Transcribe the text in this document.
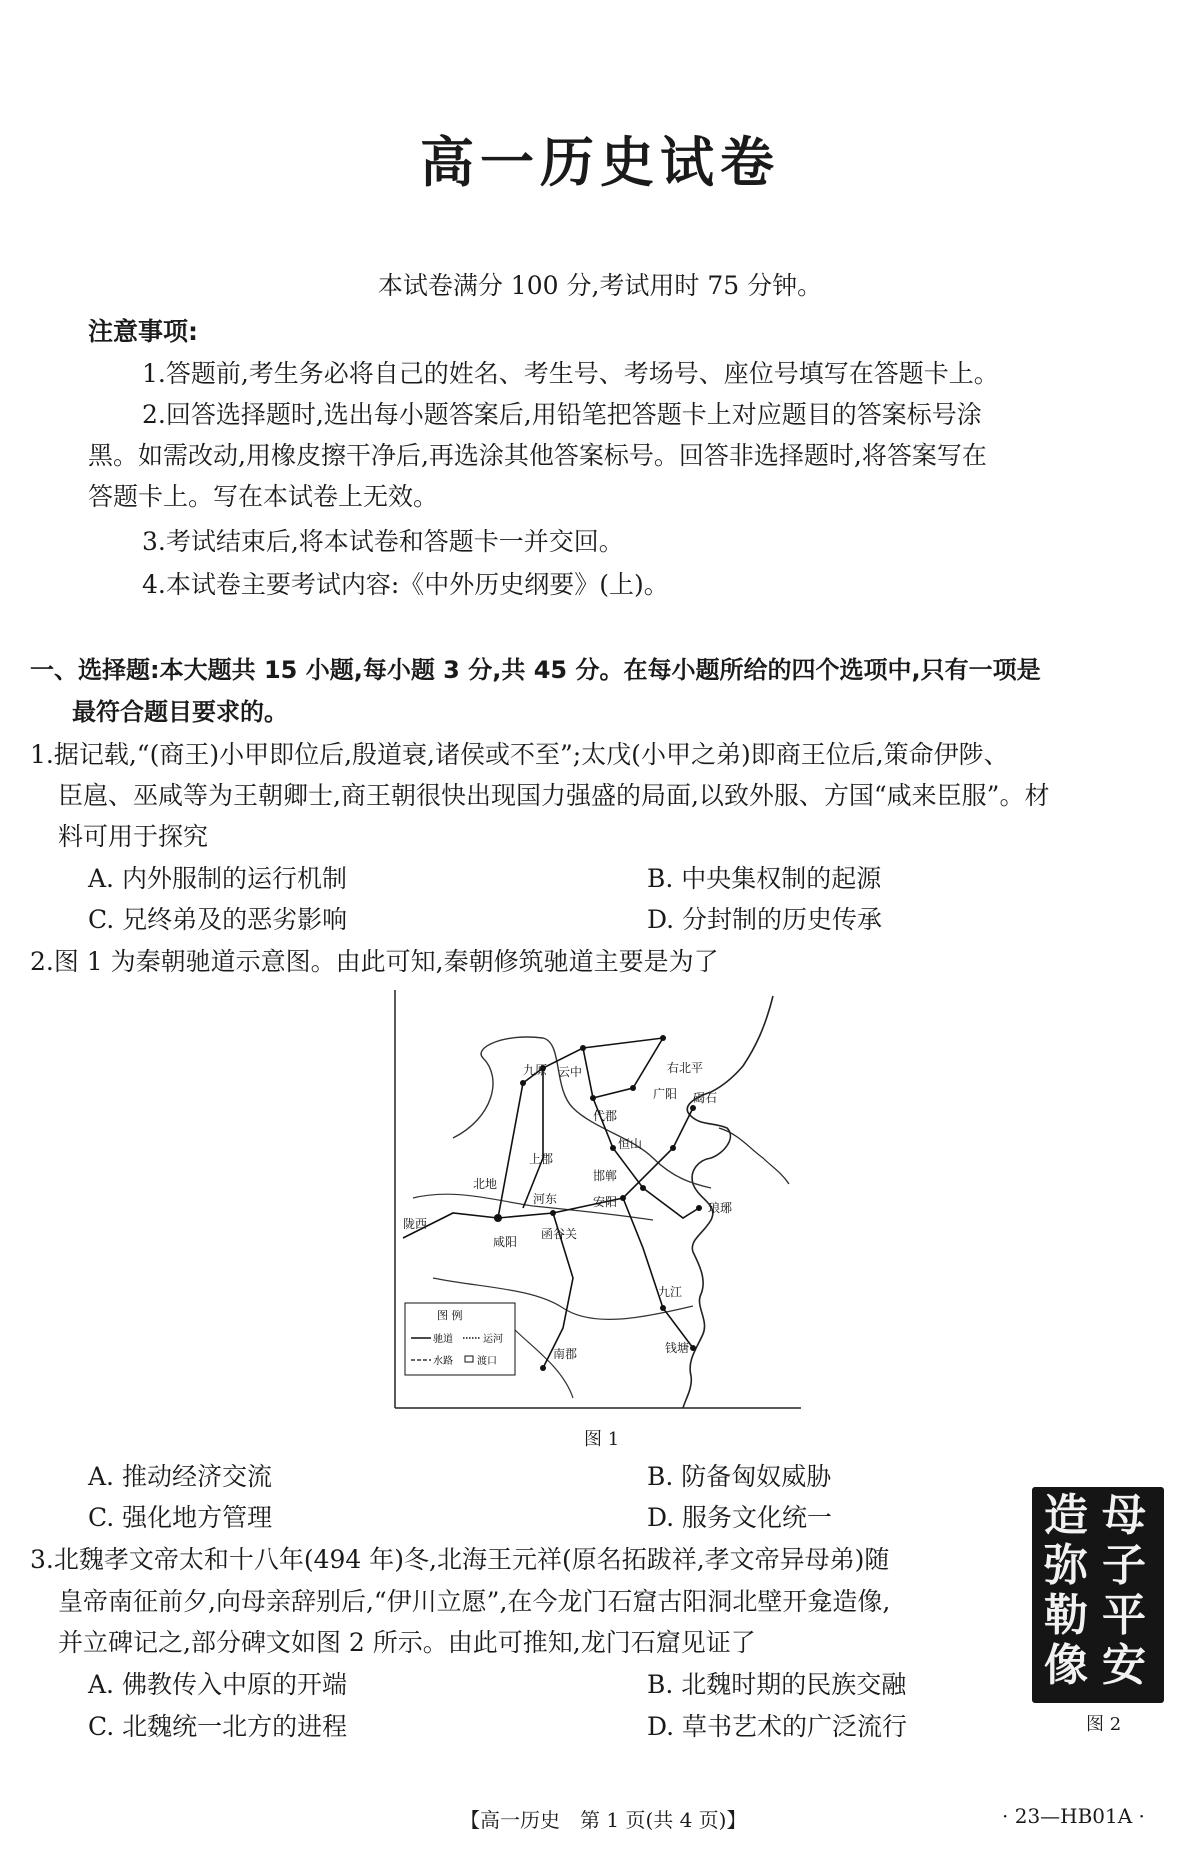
高一历史试卷
本试卷满分 100 分,考试用时 75 分钟。
注意事项:
1.答题前,考生务必将自己的姓名、考生号、考场号、座位号填写在答题卡上。
2.回答选择题时,选出每小题答案后,用铅笔把答题卡上对应题目的答案标号涂
黑。如需改动,用橡皮擦干净后,再选涂其他答案标号。回答非选择题时,将答案写在
答题卡上。写在本试卷上无效。
3.考试结束后,将本试卷和答题卡一并交回。
4.本试卷主要考试内容:《中外历史纲要》(上)。
一、选择题:本大题共 15 小题,每小题 3 分,共 45 分。在每小题所给的四个选项中,只有一项是
最符合题目要求的。
1.据记载,“(商王)小甲即位后,殷道衰,诸侯或不至”;太戊(小甲之弟)即商王位后,策命伊陟、
臣扈、巫咸等为王朝卿士,商王朝很快出现国力强盛的局面,以致外服、方国“咸来臣服”。材
料可用于探究
A. 内外服制的运行机制	B. 中央集权制的起源
C. 兄终弟及的恶劣影响	D. 分封制的历史传承
2.图 1 为秦朝驰道示意图。由此可知,秦朝修筑驰道主要是为了
九原 云中	右北平
代郡
广阳 碣石
上郡
恒山
北地
邯郸
河东	安阳
陇西
琅琊
咸阳
函谷关
九江
南郡	钱塘
图 例
驰道	运河
水路 渡口
图 1
A. 推动经济交流	B. 防备匈奴威胁
C. 强化地方管理	D. 服务文化统一
3.北魏孝文帝太和十八年(494 年)冬,北海王元祥(原名拓跋祥,孝文帝异母弟)随
皇帝南征前夕,向母亲辞别后,“伊川立愿”,在今龙门石窟古阳洞北壁开龛造像,
并立碑记之,部分碑文如图 2 所示。由此可推知,龙门石窟见证了
A. 佛教传入中原的开端	B. 北魏时期的民族交融
C. 北魏统一北方的进程	D. 草书艺术的广泛流行
母子平安
造弥勒像
图 2
【高一历史　第 1 页(共 4 页)】	· 23—HB01A ·
